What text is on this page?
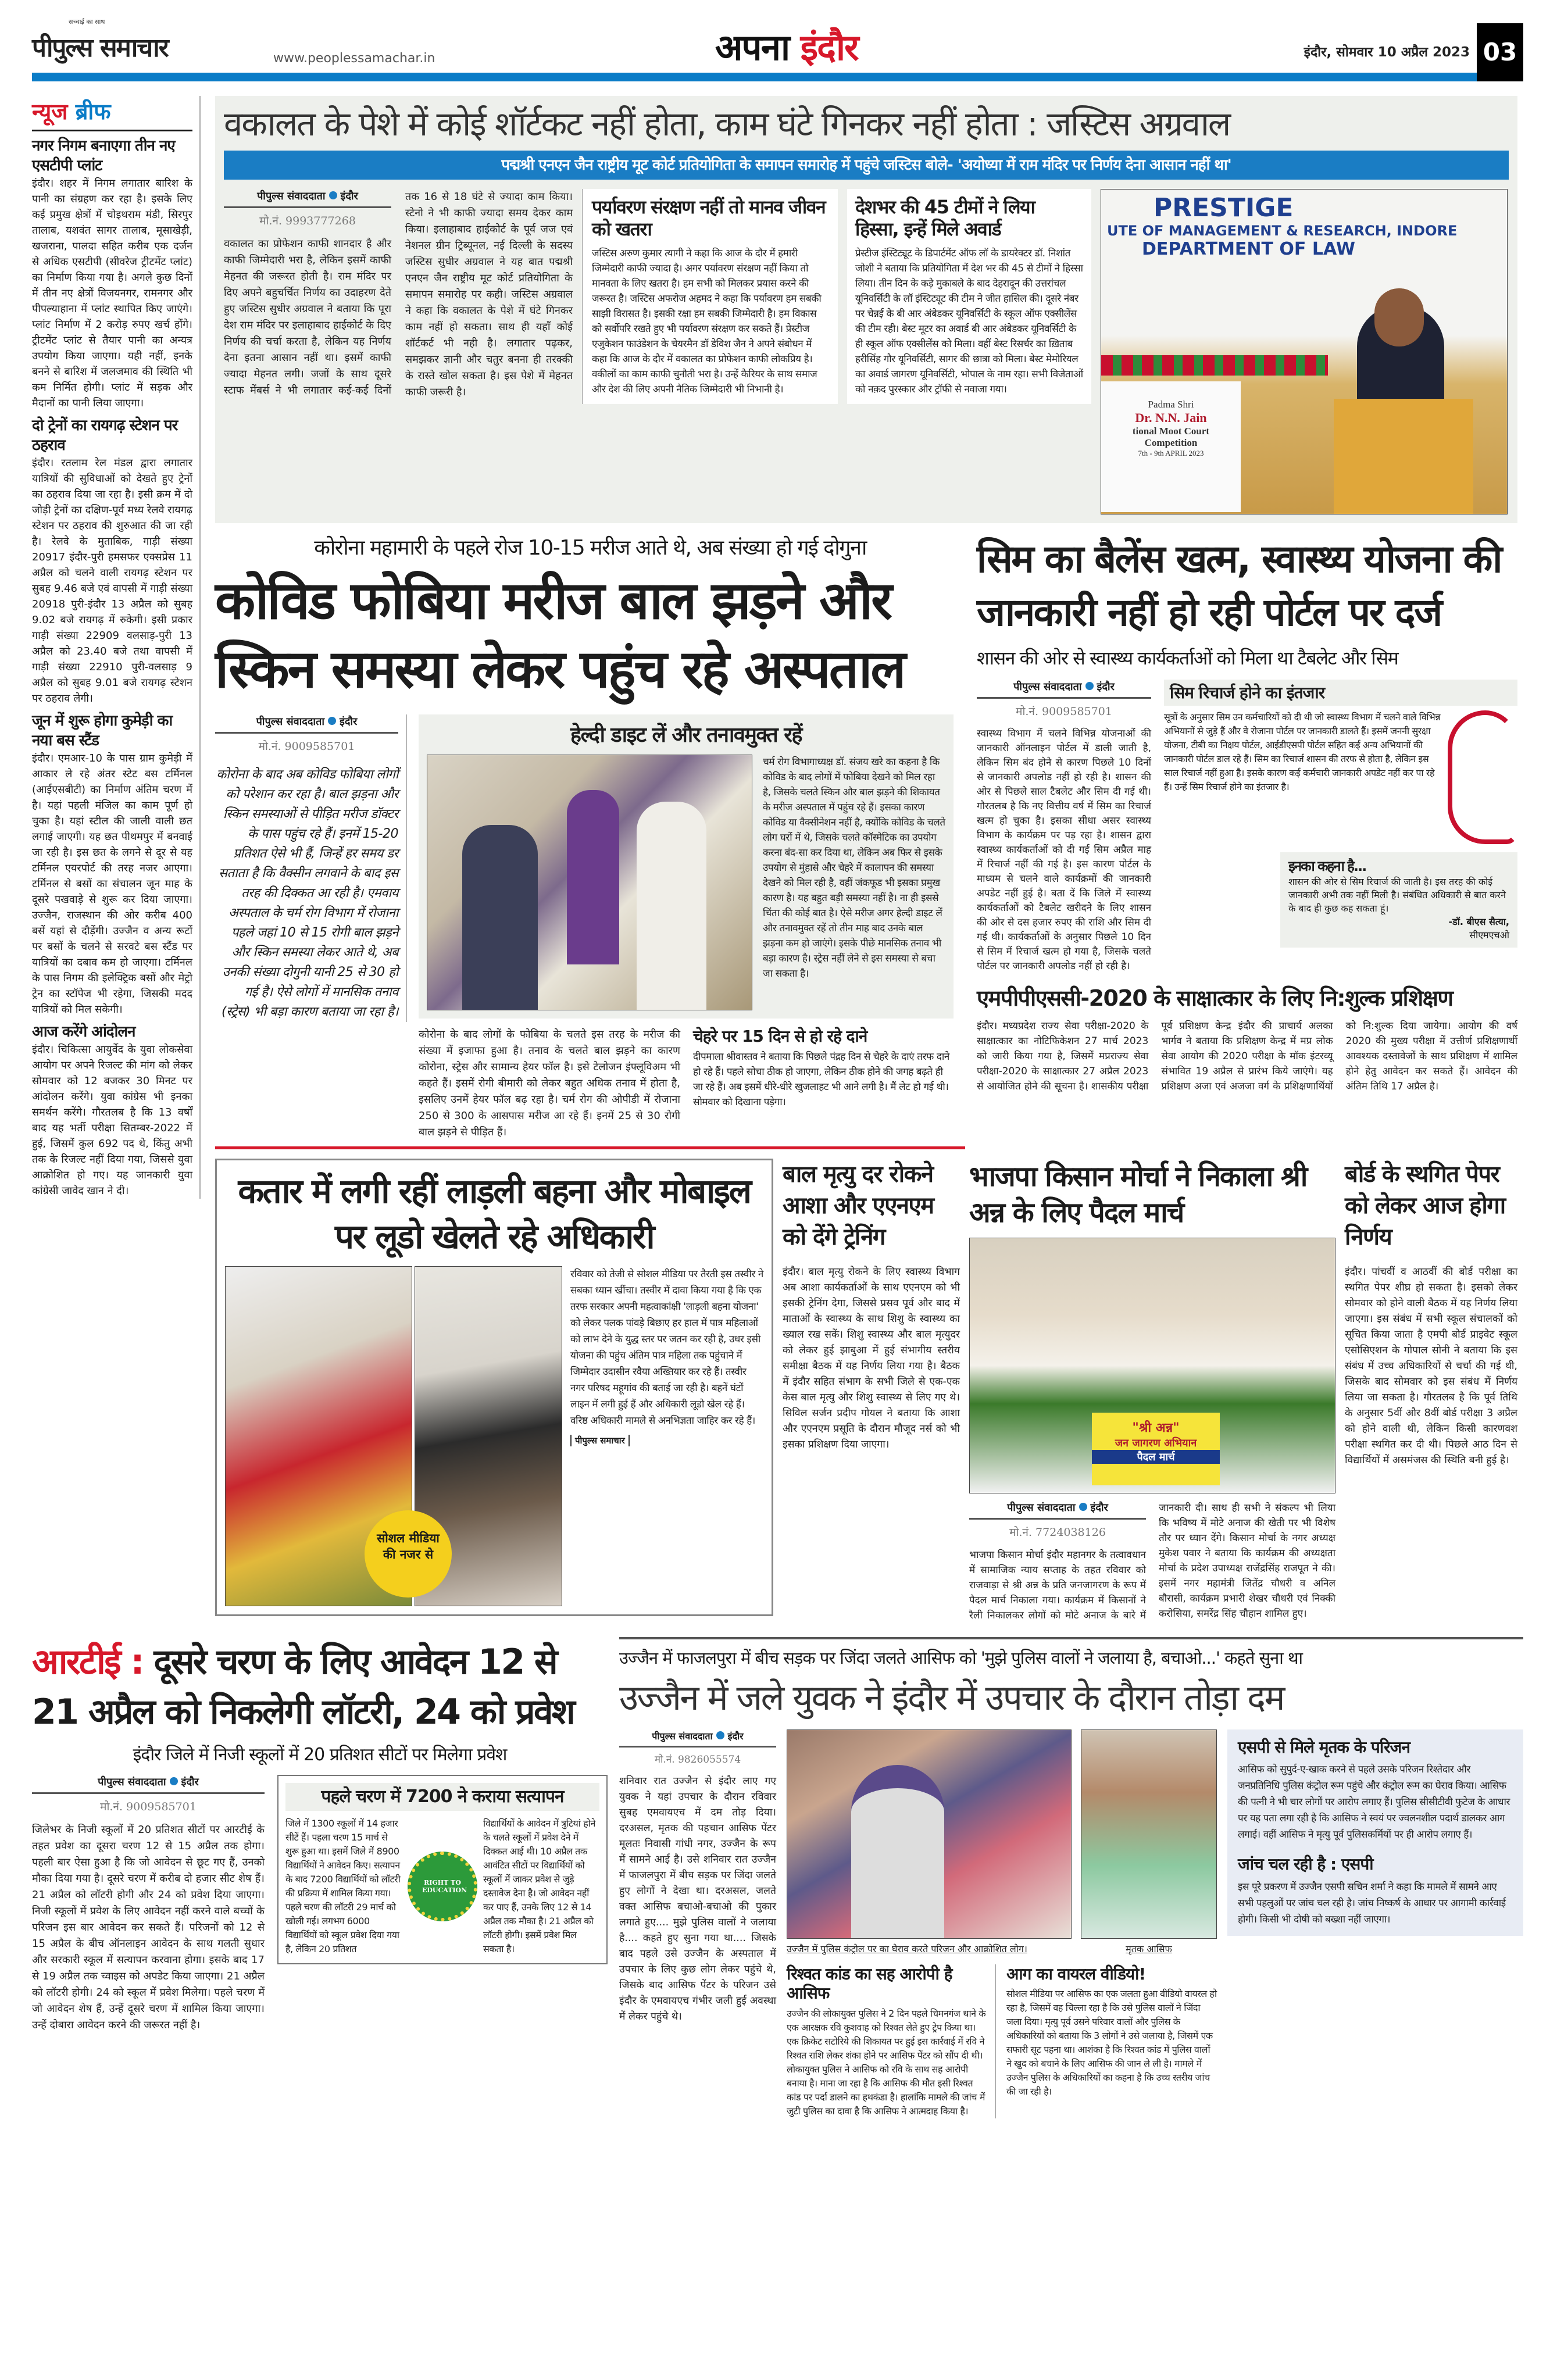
सच्चाई का साथ
पीपुल्स समाचार	www.peoplessamachar.in	अपना इंदौर	इंदौर, सोमवार 10 अप्रैल 2023 03
न्यूज ब्रीफ
नगर निगम बनाएगा तीन नए एसटीपी प्लांट

इंदौर। शहर में निगम लगातार बारिश के पानी का संग्रहण कर रहा है। इसके लिए कई प्रमुख क्षेत्रों में चोइथराम मंडी, सिरपुर तालाब, यशवंत सागर तालाब, मूसाखेड़ी, खजराना, पालदा सहित करीब एक दर्जन से अधिक एसटीपी (सीवरेज ट्रीटमेंट प्लांट) का निर्माण किया गया है। अगले कुछ दिनों में तीन नए क्षेत्रों विजयनगर, रामनगर और पीपल्याहाना में प्लांट स्थापित किए जाएंगे। प्लांट निर्माण में 2 करोड़ रुपए खर्च होंगे। ट्रीटमेंट प्लांट से तैयार पानी का अन्यत्र उपयोग किया जाएगा। यही नहीं, इनके बनने से बारिश में जलजमाव की स्थिति भी कम निर्मित होगी। प्लांट में सड़क और मैदानों का पानी लिया जाएगा।

दो ट्रेनों का रायगढ़ स्टेशन पर ठहराव

इंदौर। रतलाम रेल मंडल द्वारा लगातार यात्रियों की सुविधाओं को देखते हुए ट्रेनों का ठहराव दिया जा रहा है। इसी क्रम में दो जोड़ी ट्रेनों का दक्षिण-पूर्व मध्य रेलवे रायगढ़ स्टेशन पर ठहराव की शुरुआत की जा रही है। रेलवे के मुताबिक, गाड़ी संख्या 20917 इंदौर-पुरी हमसफर एक्सप्रेस 11 अप्रैल को चलने वाली रायगढ़ स्टेशन पर सुबह 9.46 बजे एवं वापसी में गाड़ी संख्या 20918 पुरी-इंदौर 13 अप्रैल को सुबह 9.02 बजे रायगढ़ में रुकेगी। इसी प्रकार गाड़ी संख्या 22909 वलसाड़-पुरी 13 अप्रैल को 23.40 बजे तथा वापसी में गाड़ी संख्या 22910 पुरी-वलसाड़ 9 अप्रैल को सुबह 9.01 बजे रायगढ़ स्टेशन पर ठहराव लेगी।

जून में शुरू होगा कुमेड़ी का नया बस स्टैंड

इंदौर। एमआर-10 के पास ग्राम कुमेड़ी में आकार ले रहे अंतर स्टेट बस टर्मिनल (आईएसबीटी) का निर्माण अंतिम चरण में है। यहां पहली मंजिल का काम पूर्ण हो चुका है। यहां स्टील की जाली वाली छत लगाई जाएगी। यह छत पीथमपुर में बनवाई जा रही है। इस छत के लगने से दूर से यह टर्मिनल एयरपोर्ट की तरह नजर आएगा। टर्मिनल से बसों का संचालन जून माह के दूसरे पखवाड़े से शुरू कर दिया जाएगा। उज्जैन, राजस्थान की ओर करीब 400 बसें यहां से दौड़ेंगी। उज्जैन व अन्य रूटों पर बसों के चलने से सरवटे बस स्टैंड पर यात्रियों का दबाव कम हो जाएगा। टर्मिनल के पास निगम की इलेक्ट्रिक बसों और मेट्रो ट्रेन का स्टॉपेज भी रहेगा, जिसकी मदद यात्रियों को मिल सकेगी।

आज करेंगे आंदोलन

इंदौर। चिकित्सा आयुर्वेद के युवा लोकसेवा आयोग पर अपने रिजल्ट की मांग को लेकर सोमवार को 12 बजकर 30 मिनट पर आंदोलन करेंगे। युवा कांग्रेस भी इनका समर्थन करेंगे। गौरतलब है कि 13 वर्षों बाद यह भर्ती परीक्षा सितम्बर-2022 में हुई, जिसमें कुल 692 पद थे, किंतु अभी तक के रिजल्ट नहीं दिया गया, जिससे युवा आक्रोशित हो गए। यह जानकारी युवा कांग्रेसी जावेद खान ने दी।

वकालत के पेशे में कोई शॉर्टकट नहीं होता, काम घंटे गिनकर नहीं होता : जस्टिस अग्रवाल
पद्मश्री एनएन जैन राष्ट्रीय मूट कोर्ट प्रतियोगिता के समापन समारोह में पहुंचे जस्टिस बोले- 'अयोध्या में राम मंदिर पर निर्णय देना आसान नहीं था'
पीपुल्स संवाददाता इंदौर
मो.नं. 9993777268

वकालत का प्रोफेशन काफी शानदार है और काफी जिम्मेदारी भरा है, लेकिन इसमें काफी मेहनत की जरूरत होती है। राम मंदिर पर दिए अपने बहुचर्चित निर्णय का उदाहरण देते हुए जस्टिस सुधीर अग्रवाल ने बताया कि पूरा देश राम मंदिर पर इलाहाबाद हाईकोर्ट के दिए निर्णय की चर्चा करता है, लेकिन यह निर्णय देना इतना आसान नहीं था। इसमें काफी ज्यादा मेहनत लगी। जजों के साथ दूसरे स्टाफ मेंबर्स ने भी लगातार कई-कई दिनों तक 16 से 18 घंटे से ज्यादा काम किया। स्टेनो ने भी काफी ज्यादा समय देकर काम किया। इलाहाबाद हाईकोर्ट के पूर्व जज एवं नेशनल ग्रीन ट्रिब्यूनल, नई दिल्ली के सदस्य जस्टिस सुधीर अग्रवाल ने यह बात पद्मश्री एनएन जैन राष्ट्रीय मूट कोर्ट प्रतियोगिता के समापन समारोह पर कही। जस्टिस अग्रवाल ने कहा कि वकालत के पेशे में घंटे गिनकर काम नहीं हो सकता। साथ ही यहाँ कोई शॉर्टकर्ट भी नही है। लगातार पढ़कर, समझकर ज्ञानी और चतुर बनना ही तरक्की के रास्ते खोल सकता है। इस पेशे में मेहनत काफी जरूरी है।

पर्यावरण संरक्षण नहीं तो मानव जीवन को खतरा

जस्टिस अरुण कुमार त्यागी ने कहा कि आज के दौर में हमारी जिम्मेदारी काफी ज्यादा है। अगर पर्यावरण संरक्षण नहीं किया तो मानवता के लिए खतरा है। हम सभी को मिलकर प्रयास करने की जरूरत है। जस्टिस अफरोज अहमद ने कहा कि पर्यावरण हम सबकी साझी विरासत है। इसकी रक्षा हम सबकी जिम्मेदारी है। हम विकास को सर्वोपरि रखते हुए भी पर्यावरण संरक्षण कर सकते हैं। प्रेस्टीज एजुकेशन फाउंडेशन के चेयरमैन डॉ डेविश जैन ने अपने संबोधन में कहा कि आज के दौर में वकालत का प्रोफेशन काफी लोकप्रिय है। वकीलों का काम काफी चुनौती भरा है। उन्हें कैरियर के साथ समाज और देश की लिए अपनी नैतिक जिम्मेदारी भी निभानी है।

देशभर की 45 टीमों ने लिया हिस्सा, इन्हें मिले अवार्ड

प्रेस्टीज इंस्टिट्यूट के डिपार्टमेंट ऑफ लॉ के डायरेक्टर डॉ. निशांत जोशी ने बताया कि प्रतियोगिता में देश भर की 45 से टीमों ने हिस्सा लिया। तीन दिन के कड़े मुकाबले के बाद देहरादून की उत्तरांचल यूनिवर्सिटी के लॉ इंस्टिट्यूट की टीम ने जीत हासिल की। दूसरे नंबर पर चेन्नई के बी आर अंबेडकर यूनिवर्सिटी के स्कूल ऑफ एक्सीलेंस की टीम रही। बेस्ट मूटर का अवार्ड बी आर अंबेडकर यूनिवर्सिटी के ही स्कूल ऑफ एक्सीलेंस को मिला। वहीं बेस्ट रिसर्चर का ख़िताब हरीसिंह गौर यूनिवर्सिटी, सागर की छात्रा को मिला। बेस्ट मेमोरियल का अवार्ड जागरण यूनिवर्सिटी, भोपाल के नाम रहा। सभी विजेताओं को नक़द पुरस्कार और ट्रॉफी से नवाजा गया।

PRESTIGE
UTE OF MANAGEMENT & RESEARCH, INDORE
DEPARTMENT OF LAW
Padma Shri
Dr. N.N. Jain
tional Moot Court
Competition
7th - 9th APRIL 2023
कोरोना महामारी के पहले रोज 10-15 मरीज आते थे, अब संख्या हो गई दोगुना
कोविड फोबिया मरीज बाल झड़ने और स्किन समस्या लेकर पहुंच रहे अस्पताल
पीपुल्स संवाददाता इंदौर
मो.नं. 9009585701

कोरोना के बाद अब कोविड फोबिया लोगों को परेशान कर रहा है। बाल झड़ना और स्किन समस्याओं से पीड़ित मरीज डॉक्टर के पास पहुंच रहे हैं। इनमें 15-20 प्रतिशत ऐसे भी हैं, जिन्हें हर समय डर सताता है कि वैक्सीन लगवाने के बाद इस तरह की दिक्कत आ रही है। एमवाय अस्पताल के चर्म रोग विभाग में रोजाना पहले जहां 10 से 15 रोगी बाल झड़ने और स्किन समस्या लेकर आते थे, अब उनकी संख्या दोगुनी यानी 25 से 30 हो गई है। ऐसे लोगों में मानसिक तनाव (स्ट्रेस) भी बड़ा कारण बताया जा रहा है।

हेल्दी डाइट लें और तनावमुक्त रहें

चर्म रोग विभागाध्यक्ष डॉ. संजय खरे का कहना है कि कोविड के बाद लोगों में फोबिया देखने को मिल रहा है, जिसके चलते स्किन और बाल झड़ने की शिकायत के मरीज अस्पताल में पहुंच रहे हैं। इसका कारण कोविड या वैक्सीनेशन नहीं है, क्योंकि कोविड के चलते लोग घरों में थे, जिसके चलते कॉस्मेटिक का उपयोग करना बंद-सा कर दिया था, लेकिन अब फिर से इसके उपयोग से मुंहासे और चेहरे में कालापन की समस्या देखने को मिल रही है, वहीं जंकफूड भी इसका प्रमुख कारण है। यह बहुत बड़ी समस्या नहीं है। ना ही इससे चिंता की कोई बात है। ऐसे मरीज अगर हेल्दी डाइट लें और तनावमुक्त रहें तो तीन माह बाद उनके बाल झड़ना कम हो जाएंगे। इसके पीछे मानसिक तनाव भी बड़ा कारण है। स्ट्रेस नहीं लेने से इस समस्या से बचा जा सकता है।

कोरोना के बाद लोगों के फोबिया के चलते इस तरह के मरीज की संख्या में इजाफा हुआ है। तनाव के चलते बाल झड़ने का कारण कोरोना, स्ट्रेस और सामान्य हेयर फॉल है। इसे टेलोजन इंफ्लूविअम भी कहते हैं। इसमें रोगी बीमारी को लेकर बहुत अधिक तनाव में होता है, इसलिए उनमें हेयर फॉल बढ़ रहा है। चर्म रोग की ओपीडी में रोजाना 250 से 300 के आसपास मरीज आ रहे हैं। इनमें 25 से 30 रोगी बाल झड़ने से पीड़ित हैं।

चेहरे पर 15 दिन से हो रहे दाने

दीपमाला श्रीवास्तव ने बताया कि पिछले पंद्रह दिन से चेहरे के दाएं तरफ दाने हो रहे हैं। पहले सोचा ठीक हो जाएगा, लेकिन ठीक होने की जगह बढ़ते ही जा रहे हैं। अब इसमें धीरे-धीरे खुजलाहट भी आने लगी है। मैं लेट हो गई थी। सोमवार को दिखाना पड़ेगा।

सिम का बैलेंस खत्म, स्वास्थ्य योजना की जानकारी नहीं हो रही पोर्टल पर दर्ज
शासन की ओर से स्वास्थ्य कार्यकर्ताओं को मिला था टैबलेट और सिम
पीपुल्स संवाददाता इंदौर
मो.नं. 9009585701

स्वास्थ्य विभाग में चलने विभिन्न योजनाओं की जानकारी ऑनलाइन पोर्टल में डाली जाती है, लेकिन सिम बंद होने से कारण पिछले 10 दिनों से जानकारी अपलोड नहीं हो रही है। शासन की ओर से पिछले साल टैबलेट और सिम दी गई थी। गौरतलब है कि नए वित्तीय वर्ष में सिम का रिचार्ज खत्म हो चुका है। इसका सीधा असर स्वास्थ्य विभाग के कार्यक्रम पर पड़ रहा है। शासन द्वारा स्वास्थ्य कार्यकर्ताओं को दी गई सिम अप्रैल माह में रिचार्ज नहीं की गई है। इस कारण पोर्टल के माध्यम से चलने वाले कार्यक्रमों की जानकारी अपडेट नहीं हुई है। बता दें कि जिले में स्वास्थ्य कार्यकर्ताओं को टैबलेट खरीदने के लिए शासन की ओर से दस हजार रुपए की राशि और सिम दी गई थी। कार्यकर्ताओं के अनुसार पिछले 10 दिन से सिम में रिचार्ज खत्म हो गया है, जिसके चलते पोर्टल पर जानकारी अपलोड नहीं हो रही है।

सिम रिचार्ज होने का इंतजार

सूत्रों के अनुसार सिम उन कर्मचारियों को दी थी जो स्वास्थ्य विभाग में चलने वाले विभिन्न अभियानों से जुड़े हैं और वे रोजाना पोर्टल पर जानकारी डालते हैं। इसमें जननी सुरक्षा योजना, टीबी का निक्षय पोर्टल, आईडीएसपी पोर्टल सहित कई अन्य अभियानों की जानकारी पोर्टल डाल रहे हैं। सिम का रिचार्ज शासन की तरफ से होता है, लेकिन इस साल रिचार्ज नहीं हुआ है। इसके कारण कई कर्मचारी जानकारी अपडेट नहीं कर पा रहे हैं। उन्हें सिम रिचार्ज होने का इंतजार है।

इनका कहना है...

शासन की ओर से सिम रिचार्ज की जाती है। इस तरह की कोई जानकारी अभी तक नहीं मिली है। संबंधित अधिकारी से बात करने के बाद ही कुछ कह सकता हूं।

-डॉ. बीएस सैत्या,
सीएमएचओ
एमपीपीएससी-2020 के साक्षात्कार के लिए नि:शुल्क प्रशिक्षण

इंदौर। मध्यप्रदेश राज्य सेवा परीक्षा-2020 के साक्षात्कार का नोटिफिकेशन 27 मार्च 2023 को जारी किया गया है, जिसमें मप्रराज्य सेवा परीक्षा-2020 के साक्षात्कार 27 अप्रैल 2023 से आयोजित होने की सूचना है। शासकीय परीक्षा पूर्व प्रशिक्षण केन्द्र इंदौर की प्राचार्य अलका भार्गव ने बताया कि प्रशिक्षण केन्द्र में मप्र लोक सेवा आयोग की 2020 परीक्षा के मॉक इंटरव्यू संभावित 19 अप्रैल से प्रारंभ किये जाएंगे। यह प्रशिक्षण अजा एवं अजजा वर्ग के प्रशिक्षणार्थियों को नि:शुल्क दिया जायेगा। आयोग की वर्ष 2020 की मुख्य परीक्षा में उत्तीर्ण प्रशिक्षणार्थी आवश्यक दस्तावेजों के साथ प्रशिक्षण में शामिल होने हेतु आवेदन कर सकते हैं। आवेदन की अंतिम तिथि 17 अप्रैल है।

कतार में लगी रहीं लाड़ली बहना और मोबाइल पर लूडो खेलते रहे अधिकारी
सोशल मीडिया की नजर से

रविवार को तेजी से सोशल मीडिया पर तैरती इस तस्वीर ने सबका ध्यान खींचा। तस्वीर में दावा किया गया है कि एक तरफ सरकार अपनी महत्वाकांक्षी 'लाड़ली बहना योजना' को लेकर पलक पांवड़े बिछाए हर हाल में पात्र महिलाओं को लाभ देने के युद्ध स्तर पर जतन कर रही है, उधर इसी योजना की पहुंच अंतिम पात्र महिला तक पहुंचाने में जिम्मेदार उदासीन रवैया अख्तियार कर रहे हैं। तस्वीर नगर परिषद महूगांव की बताई जा रही है। बहनें घंटों लाइन में लगी हुई हैं और अधिकारी लूडो खेल रहे हैं। वरिष्ठ अधिकारी मामले से अनभिज्ञता जाहिर कर रहे हैं।

पीपुल्स समाचार
बाल मृत्यु दर रोकने आशा और एएनएम को देंगे ट्रेनिंग

इंदौर। बाल मृत्यु रोकने के लिए स्वास्थ्य विभाग अब आशा कार्यकर्ताओं के साथ एएनएम को भी इसकी ट्रेनिंग देगा, जिससे प्रसव पूर्व और बाद में माताओं के स्वास्थ्य के साथ शिशु के स्वास्थ्य का ख्याल रख सकें। शिशु स्वास्थ्य और बाल मृत्युदर को लेकर हुई झाबुआ में हुई संभागीय स्तरीय समीक्षा बैठक में यह निर्णय लिया गया है। बैठक में इंदौर सहित संभाग के सभी जिले से एक-एक केस बाल मृत्यु और शिशु स्वास्थ्य से लिए गए थे। सिविल सर्जन प्रदीप गोयल ने बताया कि आशा और एएनएम प्रसूति के दौरान मौजूद नर्स को भी इसका प्रशिक्षण दिया जाएगा।

भाजपा किसान मोर्चा ने निकाला श्री अन्न के लिए पैदल मार्च
"श्री अन्न"
जन जागरण अभियान
पैदल मार्च
पीपुल्स संवाददाता इंदौर
मो.नं. 7724038126

भाजपा किसान मोर्चा इंदौर महानगर के तत्वावधान में सामाजिक न्याय सप्ताह के तहत रविवार को राजवाड़ा से श्री अन्न के प्रति जनजागरण के रूप में पैदल मार्च निकाला गया। कार्यक्रम में किसानों ने रैली निकालकर लोगों को मोटे अनाज के बारे में जानकारी दी। साथ ही सभी ने संकल्प भी लिया कि भविष्य में मोटे अनाज की खेती पर भी विशेष तौर पर ध्यान देंगे। किसान मोर्चा के नगर अध्यक्ष मुकेश पवार ने बताया कि कार्यक्रम की अध्यक्षता मोर्चा के प्रदेश उपाध्यक्ष राजेंद्रसिंह राजपूत ने की। इसमें नगर महामंत्री जितेंद्र चौधरी व अनिल बौरासी, कार्यक्रम प्रभारी शेखर चौधरी एवं निक्की करोसिया, समरेंद्र सिंह चौहान शामिल हुए।

बोर्ड के स्थगित पेपर को लेकर आज होगा निर्णय

इंदौर। पांचवीं व आठवीं की बोर्ड परीक्षा का स्थगित पेपर शीघ्र हो सकता है। इसको लेकर सोमवार को होने वाली बैठक में यह निर्णय लिया जाएगा। इस संबंध में सभी स्कूल संचालकों को सूचित किया जाता है एमपी बोर्ड प्राइवेट स्कूल एसोसिएशन के गोपाल सोनी ने बताया कि इस संबंध में उच्च अधिकारियों से चर्चा की गई थी, जिसके बाद सोमवार को इस संबंध में निर्णय लिया जा सकता है। गौरतलब है कि पूर्व तिथि के अनुसार 5वीं और 8वीं बोर्ड परीक्षा 3 अप्रैल को होने वाली थी, लेकिन किसी कारणवश परीक्षा स्थगित कर दी थी। पिछले आठ दिन से विद्यार्थियों में असमंजस की स्थिति बनी हुई है।

आरटीई : दूसरे चरण के लिए आवेदन 12 से 21 अप्रैल को निकलेगी लॉटरी, 24 को प्रवेश
इंदौर जिले में निजी स्कूलों में 20 प्रतिशत सीटों पर मिलेगा प्रवेश
पीपुल्स संवाददाता इंदौर
मो.नं. 9009585701

जिलेभर के निजी स्कूलों में 20 प्रतिशत सीटों पर आरटीई के तहत प्रवेश का दूसरा चरण 12 से 15 अप्रैल तक होगा। पहली बार ऐसा हुआ है कि जो आवेदन से छूट गए हैं, उनको मौका दिया गया है। दूसरे चरण में करीब दो हजार सीट शेष हैं। 21 अप्रैल को लॉटरी होगी और 24 को प्रवेश दिया जाएगा। निजी स्कूलों में प्रवेश के लिए आवेदन नहीं करने वाले बच्चों के परिजन इस बार आवेदन कर सकते हैं। परिजनों को 12 से 15 अप्रैल के बीच ऑनलाइन आवेदन के साथ गलती सुधार और सरकारी स्कूल में सत्यापन करवाना होगा। इसके बाद 17 से 19 अप्रैल तक च्वाइस को अपडेट किया जाएगा। 21 अप्रैल को लॉटरी होगी। 24 को स्कूल में प्रवेश मिलेगा। पहले चरण में जो आवेदन शेष हैं, उन्हें दूसरे चरण में शामिल किया जाएगा। उन्हें दोबारा आवेदन करने की जरूरत नहीं है।

पहले चरण में 7200 ने कराया सत्यापन

जिले में 1300 स्कूलों में 14 हजार सीटें हैं। पहला चरण 15 मार्च से शुरू हुआ था। इसमें जिले में 8900 विद्यार्थियों ने आवेदन किए। सत्यापन के बाद 7200 विद्यार्थियों को लॉटरी की प्रक्रिया में शामिल किया गया। पहले चरण की लॉटरी 29 मार्च को खोली गई। लगभग 6000 विद्यार्थियों को स्कूल प्रवेश दिया गया है, लेकिन 20 प्रतिशत

RIGHT TO EDUCATION

विद्यार्थियों के आवेदन में त्रुटियां होने के चलते स्कूलों में प्रवेश देने में दिक्कत आई थी। 10 अप्रैल तक आवंटित सीटों पर विद्यार्थियों को स्कूलों में जाकर प्रवेश से जुड़े दस्तावेज देना है। जो आवेदन नहीं कर पाए हैं, उनके लिए 12 से 14 अप्रैल तक मौका है। 21 अप्रैल को लॉटरी होगी। इसमें प्रवेश मिल सकता है।

उज्जैन में फाजलपुरा में बीच सड़क पर जिंदा जलते आसिफ को 'मुझे पुलिस वालों ने जलाया है, बचाओ...' कहते सुना था
उज्जैन में जले युवक ने इंदौर में उपचार के दौरान तोड़ा दम
पीपुल्स संवाददाता इंदौर
मो.नं. 9826055574

शनिवार रात उज्जैन से इंदौर लाए गए युवक ने यहां उपचार के दौरान रविवार सुबह एमवायएच में दम तोड़ दिया। दरअसल, मृतक की पहचान आसिफ पेंटर मूलतः निवासी गांधी नगर, उज्जैन के रूप में सामने आई है। उसे शनिवार रात उज्जैन में फाजलपुरा में बीच सड़क पर जिंदा जलते हुए लोगों ने देखा था। दरअसल, जलते वक्त आसिफ बचाओ-बचाओ की पुकार लगाते हुए.... मुझे पुलिस वालों ने जलाया है.... कहते हुए सुना गया था.... जिसके बाद पहले उसे उज्जैन के अस्पताल में उपचार के लिए कुछ लोग लेकर पहुंचे थे, जिसके बाद आसिफ पेंटर के परिजन उसे इंदौर के एमवायएच गंभीर जली हुई अवस्था में लेकर पहुंचे थे।

उज्जैन में पुलिस कंट्रोल पर का घेराव करते परिजन और आक्रोशित लोग।	मृतक आसिफ
रिश्वत कांड का सह आरोपी है आसिफ

उज्जैन की लोकायुक्त पुलिस ने 2 दिन पहले चिमनगंज थाने के एक आरक्षक रवि कुशवाह को रिश्वत लेते हुए ट्रेप किया था। एक क्रिकेट सटोरिये की शिकायत पर हुई इस कार्रवाई में रवि ने रिश्वत राशि लेकर शंका होने पर आसिफ पेंटर को सौंप दी थी। लोकायुक्त पुलिस ने आसिफ को रवि के साथ सह आरोपी बनाया है। माना जा रहा है कि आसिफ की मौत इसी रिश्वत कांड पर पर्दा डालने का हथकंडा है। हालांकि मामले की जांच में जुटी पुलिस का दावा है कि आसिफ ने आत्मदाह किया है।

आग का वायरल वीडियो!

सोशल मीडिया पर आसिफ का एक जलता हुआ वीडियो वायरल हो रहा है, जिसमें वह चिल्ला रहा है कि उसे पुलिस वालों ने जिंदा जला दिया। मृत्यु पूर्व उसने परिवार वालों और पुलिस के अधिकारियों को बताया कि 3 लोगों ने उसे जलाया है, जिसमें एक सफारी सूट पहना था। आशंका है कि रिश्वत कांड में पुलिस वालों ने खुद को बचाने के लिए आसिफ की जान ले ली है। मामले में उज्जैन पुलिस के अधिकारियों का कहना है कि उच्च स्तरीय जांच की जा रही है।

एसपी से मिले मृतक के परिजन

आसिफ को सुपुर्द-ए-खाक करने से पहले उसके परिजन रिश्तेदार और जनप्रतिनिधि पुलिस कंट्रोल रूम पहुंचे और कंट्रोल रूम का घेराव किया। आसिफ की पत्नी ने भी चार लोगों पर आरोप लगाए हैं। पुलिस सीसीटीवी फुटेज के आधार पर यह पता लगा रही है कि आसिफ ने स्वयं पर ज्वलनशील पदार्थ डालकर आग लगाई। वहीं आसिफ ने मृत्यु पूर्व पुलिसकर्मियों पर ही आरोप लगाए हैं।

जांच चल रही है : एसपी

इस पूरे प्रकरण में उज्जैन एसपी सचिन शर्मा ने कहा कि मामले में सामने आए सभी पहलुओं पर जांच चल रही है। जांच निष्कर्ष के आधार पर आगामी कार्रवाई होगी। किसी भी दोषी को बख्शा नहीं जाएगा।
